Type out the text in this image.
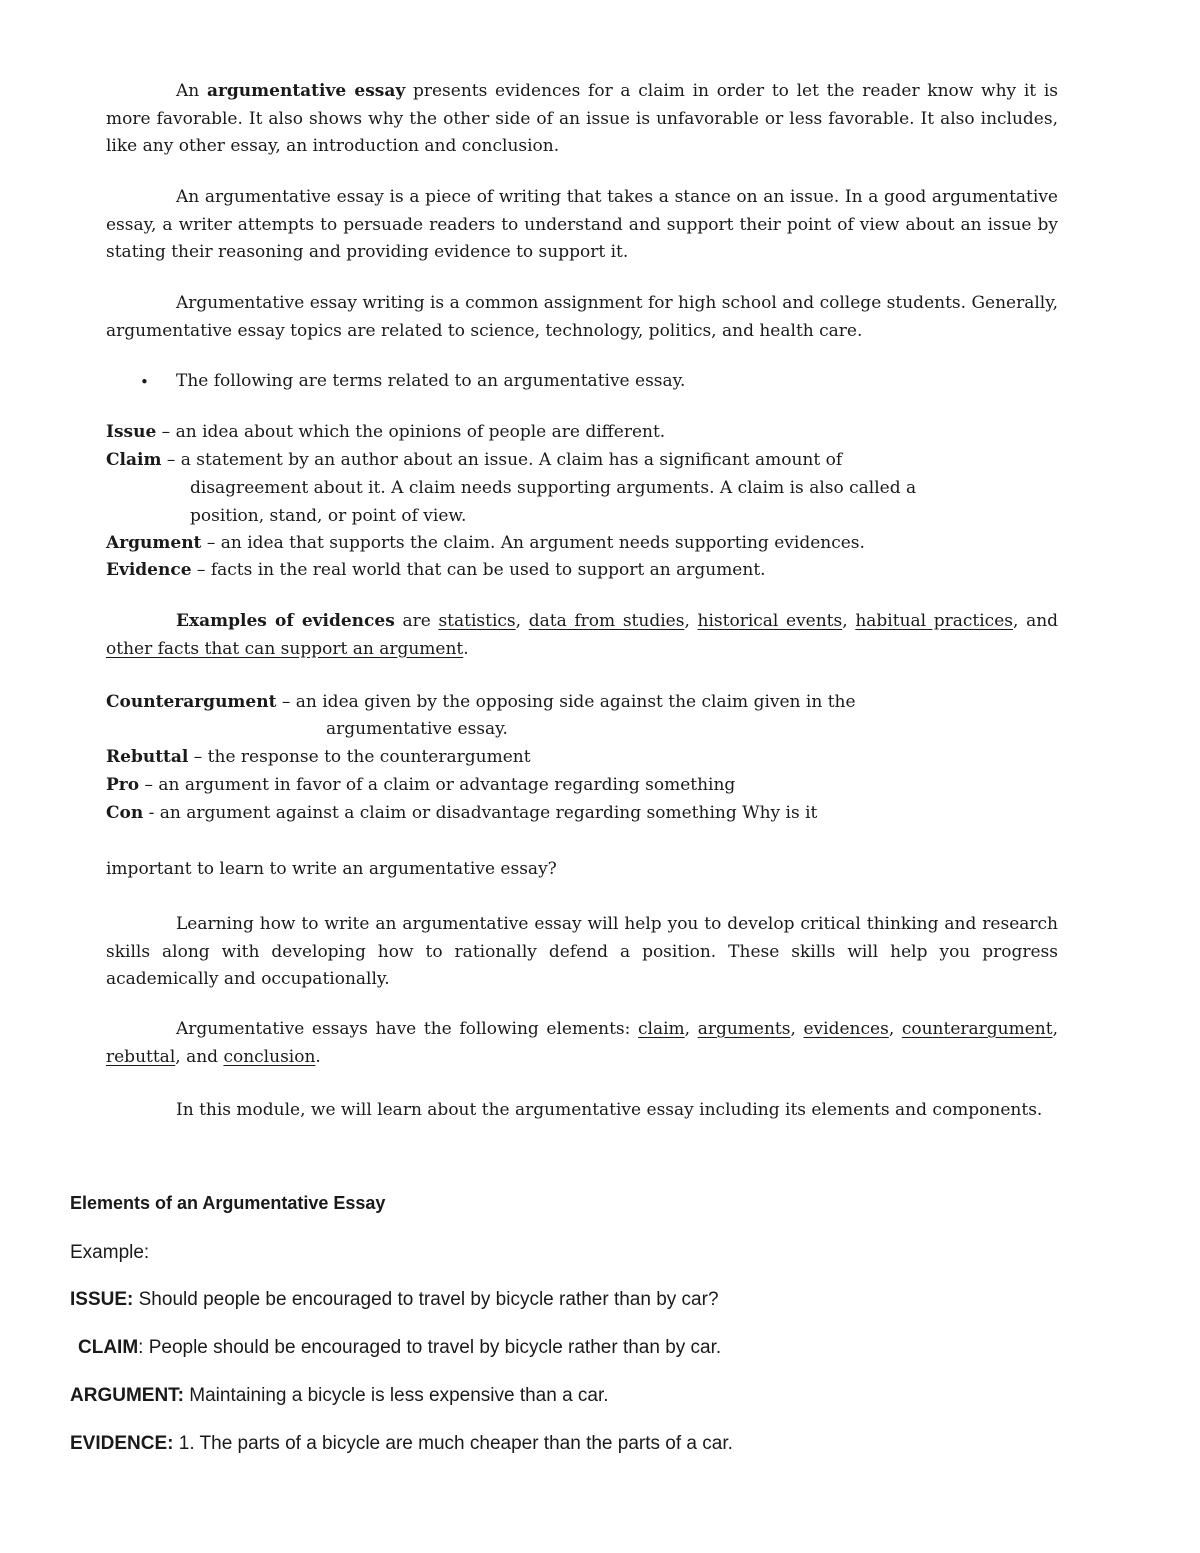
An argumentative essay presents evidences for a claim in order to let the reader know why it is more favorable. It also shows why the other side of an issue is unfavorable or less favorable. It also includes, like any other essay, an introduction and conclusion.

An argumentative essay is a piece of writing that takes a stance on an issue. In a good argumentative essay, a writer attempts to persuade readers to understand and support their point of view about an issue by stating their reasoning and providing evidence to support it.

Argumentative essay writing is a common assignment for high school and college students. Generally, argumentative essay topics are related to science, technology, politics, and health care.

• The following are terms related to an argumentative essay.

Issue – an idea about which the opinions of people are different.

Claim – a statement by an author about an issue. A claim has a significant amount of

disagreement about it. A claim needs supporting arguments. A claim is also called a

position, stand, or point of view.

Argument – an idea that supports the claim. An argument needs supporting evidences.

Evidence – facts in the real world that can be used to support an argument.

Examples of evidences are statistics, data from studies, historical events, habitual practices, and other facts that can support an argument.

Counterargument – an idea given by the opposing side against the claim given in the

argumentative essay.

Rebuttal – the response to the counterargument

Pro – an argument in favor of a claim or advantage regarding something

Con - an argument against a claim or disadvantage regarding something Why is it

important to learn to write an argumentative essay?

Learning how to write an argumentative essay will help you to develop critical thinking and research skills along with developing how to rationally defend a position. These skills will help you progress academically and occupationally.

Argumentative essays have the following elements: claim, arguments, evidences, counterargument, rebuttal, and conclusion.

In this module, we will learn about the argumentative essay including its elements and components.

Elements of an Argumentative Essay

Example:

ISSUE: Should people be encouraged to travel by bicycle rather than by car?

CLAIM: People should be encouraged to travel by bicycle rather than by car.

ARGUMENT: Maintaining a bicycle is less expensive than a car.

EVIDENCE: 1. The parts of a bicycle are much cheaper than the parts of a car.
